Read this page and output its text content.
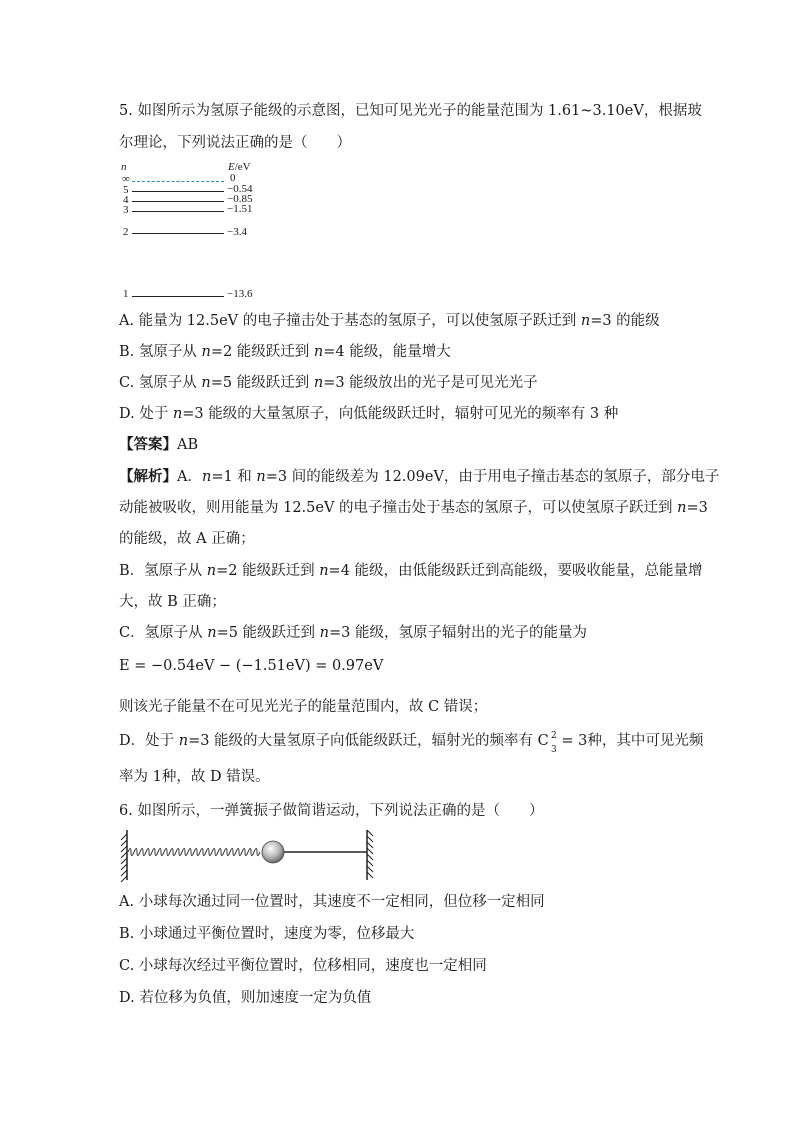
5. 如图所示为氢原子能级的示意图，已知可见光光子的能量范围为 1.61~3.10eV，根据玻
尔理论，下列说法正确的是（　　）
n	E/eV
∞	0
5	−0.54
4	−0.85
3	−1.51
2	−3.4
1	−13.6
A. 能量为 12.5eV 的电子撞击处于基态的氢原子，可以使氢原子跃迁到 n=3 的能级
B. 氢原子从 n=2 能级跃迁到 n=4 能级，能量增大
C. 氢原子从 n=5 能级跃迁到 n=3 能级放出的光子是可见光光子
D. 处于 n=3 能级的大量氢原子，向低能级跃迁时，辐射可见光的频率有 3 种
【答案】AB
【解析】A．n=1 和 n=3 间的能级差为 12.09eV，由于用电子撞击基态的氢原子，部分电子
动能被吸收，则用能量为 12.5eV 的电子撞击处于基态的氢原子，可以使氢原子跃迁到 n=3
的能级，故 A 正确；
B．氢原子从 n=2 能级跃迁到 n=4 能级，由低能级跃迁到高能级，要吸收能量，总能量增
大，故 B 正确；
C．氢原子从 n=5 能级跃迁到 n=3 能级，氢原子辐射出的光子的能量为
E = −0.54eV − (−1.51eV) = 0.97eV
则该光子能量不在可见光光子的能量范围内，故 C 错误；
D．处于 n=3 能级的大量氢原子向低能级跃迁，辐射光的频率有 C 2
3
= 3种，其中可见光频
率为 1种，故 D 错误。
6. 如图所示，一弹簧振子做简谐运动，下列说法正确的是（　　）
A. 小球每次通过同一位置时，其速度不一定相同，但位移一定相同
B. 小球通过平衡位置时，速度为零，位移最大
C. 小球每次经过平衡位置时，位移相同，速度也一定相同
D. 若位移为负值，则加速度一定为负值
